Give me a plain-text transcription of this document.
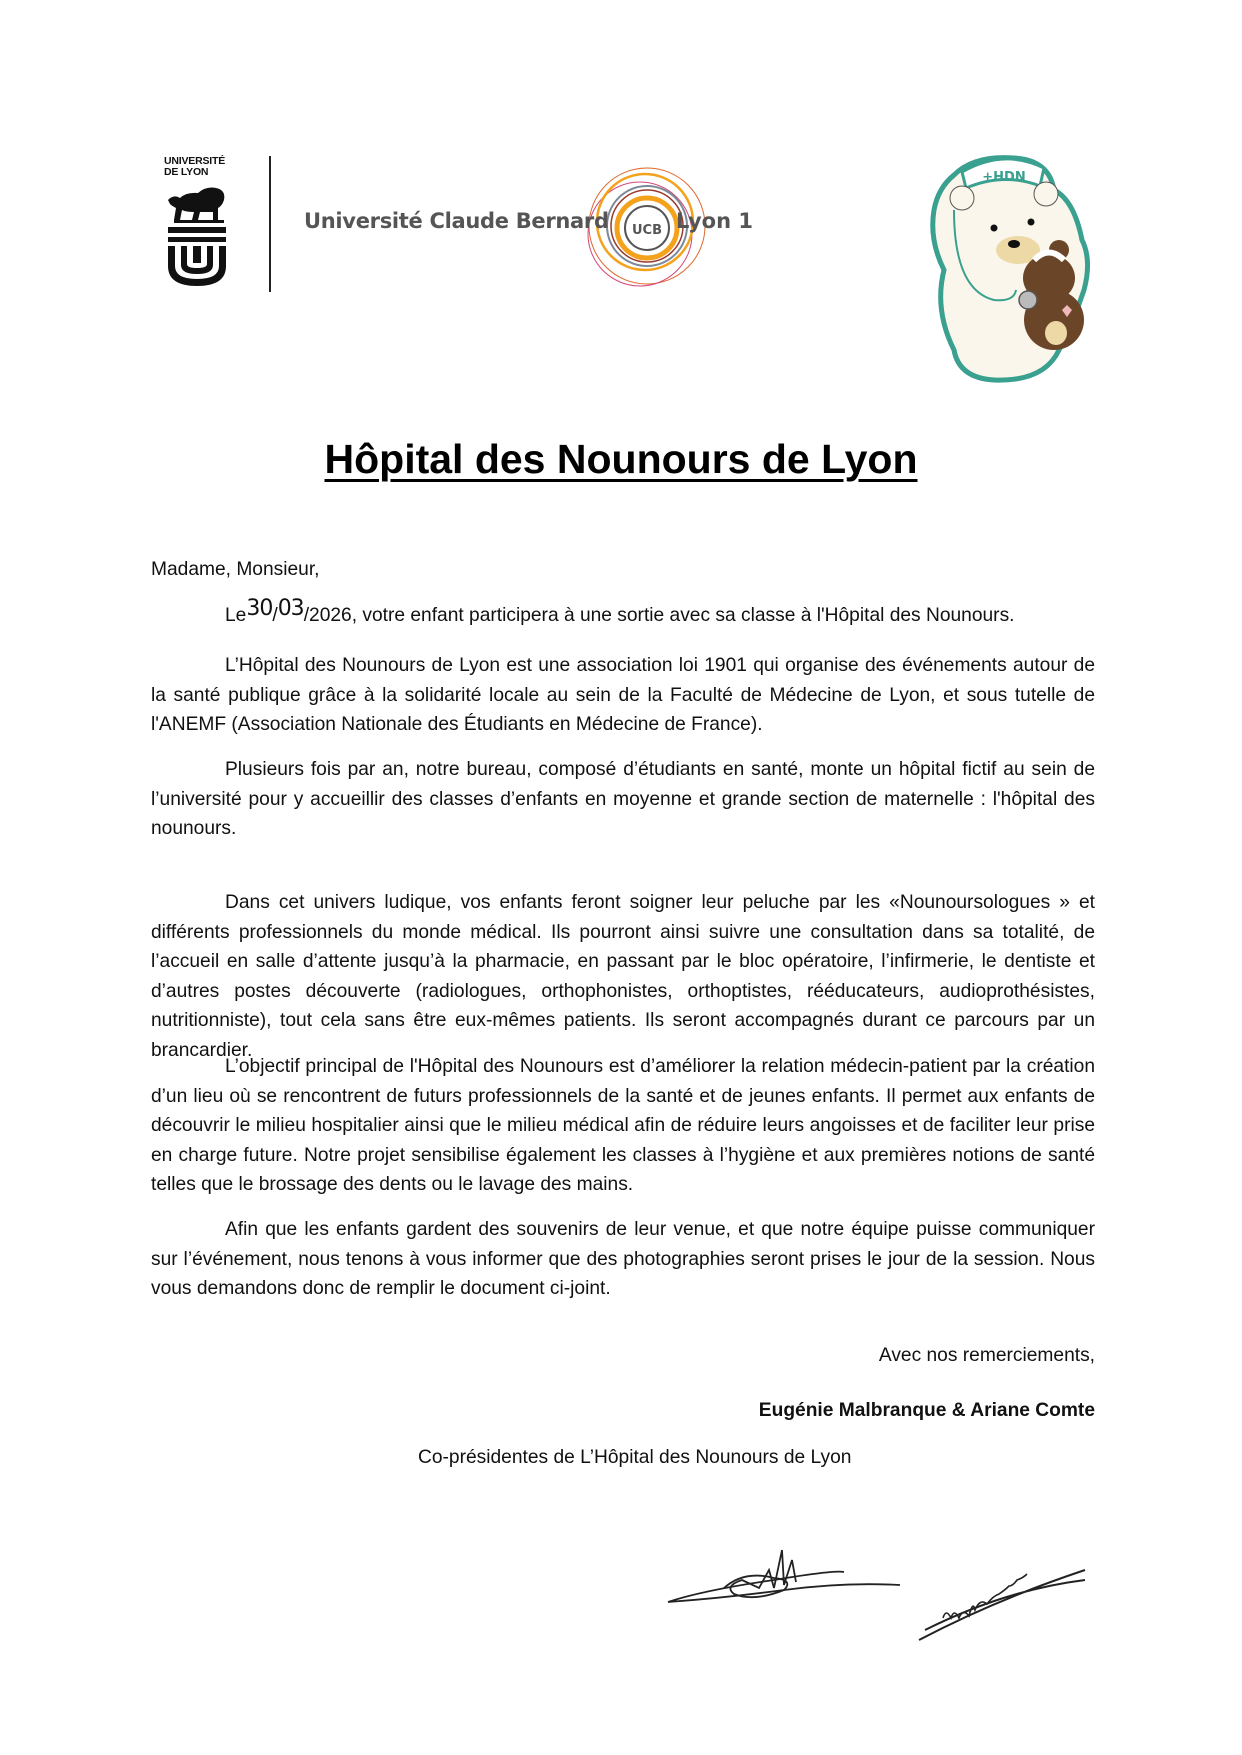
UNIVERSITÉ
DE LYON
UCB
Université Claude Bernard	Lyon 1
+HDN
Hôpital des Nounours de Lyon

Madame, Monsieur,

Le30/03/2026, votre enfant participera à une sortie avec sa classe à l'Hôpital des Nounours.

L’Hôpital des Nounours de Lyon est une association loi 1901 qui organise des événements autour de la santé publique grâce à la solidarité locale au sein de la Faculté de Médecine de Lyon, et sous tutelle de l'ANEMF (Association Nationale des Étudiants en Médecine de France).

Plusieurs fois par an, notre bureau, composé d’étudiants en santé, monte un hôpital fictif au sein de l’université pour y accueillir des classes d’enfants en moyenne et grande section de maternelle : l'hôpital des nounours.

Dans cet univers ludique, vos enfants feront soigner leur peluche par les «Nounoursologues » et différents professionnels du monde médical. Ils pourront ainsi suivre une consultation dans sa totalité, de l’accueil en salle d’attente jusqu’à la pharmacie, en passant par le bloc opératoire, l’infirmerie, le dentiste et d’autres postes découverte (radiologues, orthophonistes, orthoptistes, rééducateurs, audioprothésistes, nutritionniste), tout cela sans être eux-mêmes patients. Ils seront accompagnés durant ce parcours par un brancardier.

L’objectif principal de l'Hôpital des Nounours est d’améliorer la relation médecin-patient par la création d’un lieu où se rencontrent de futurs professionnels de la santé et de jeunes enfants. Il permet aux enfants de découvrir le milieu hospitalier ainsi que le milieu médical afin de réduire leurs angoisses et de faciliter leur prise en charge future. Notre projet sensibilise également les classes à l’hygiène et aux premières notions de santé telles que le brossage des dents ou le lavage des mains.

Afin que les enfants gardent des souvenirs de leur venue, et que notre équipe puisse communiquer sur l’événement, nous tenons à vous informer que des photographies seront prises le jour de la session. Nous vous demandons donc de remplir le document ci-joint.

Avec nos remerciements,
Eugénie Malbranque & Ariane Comte
Co-présidentes de L’Hôpital des Nounours de Lyon
